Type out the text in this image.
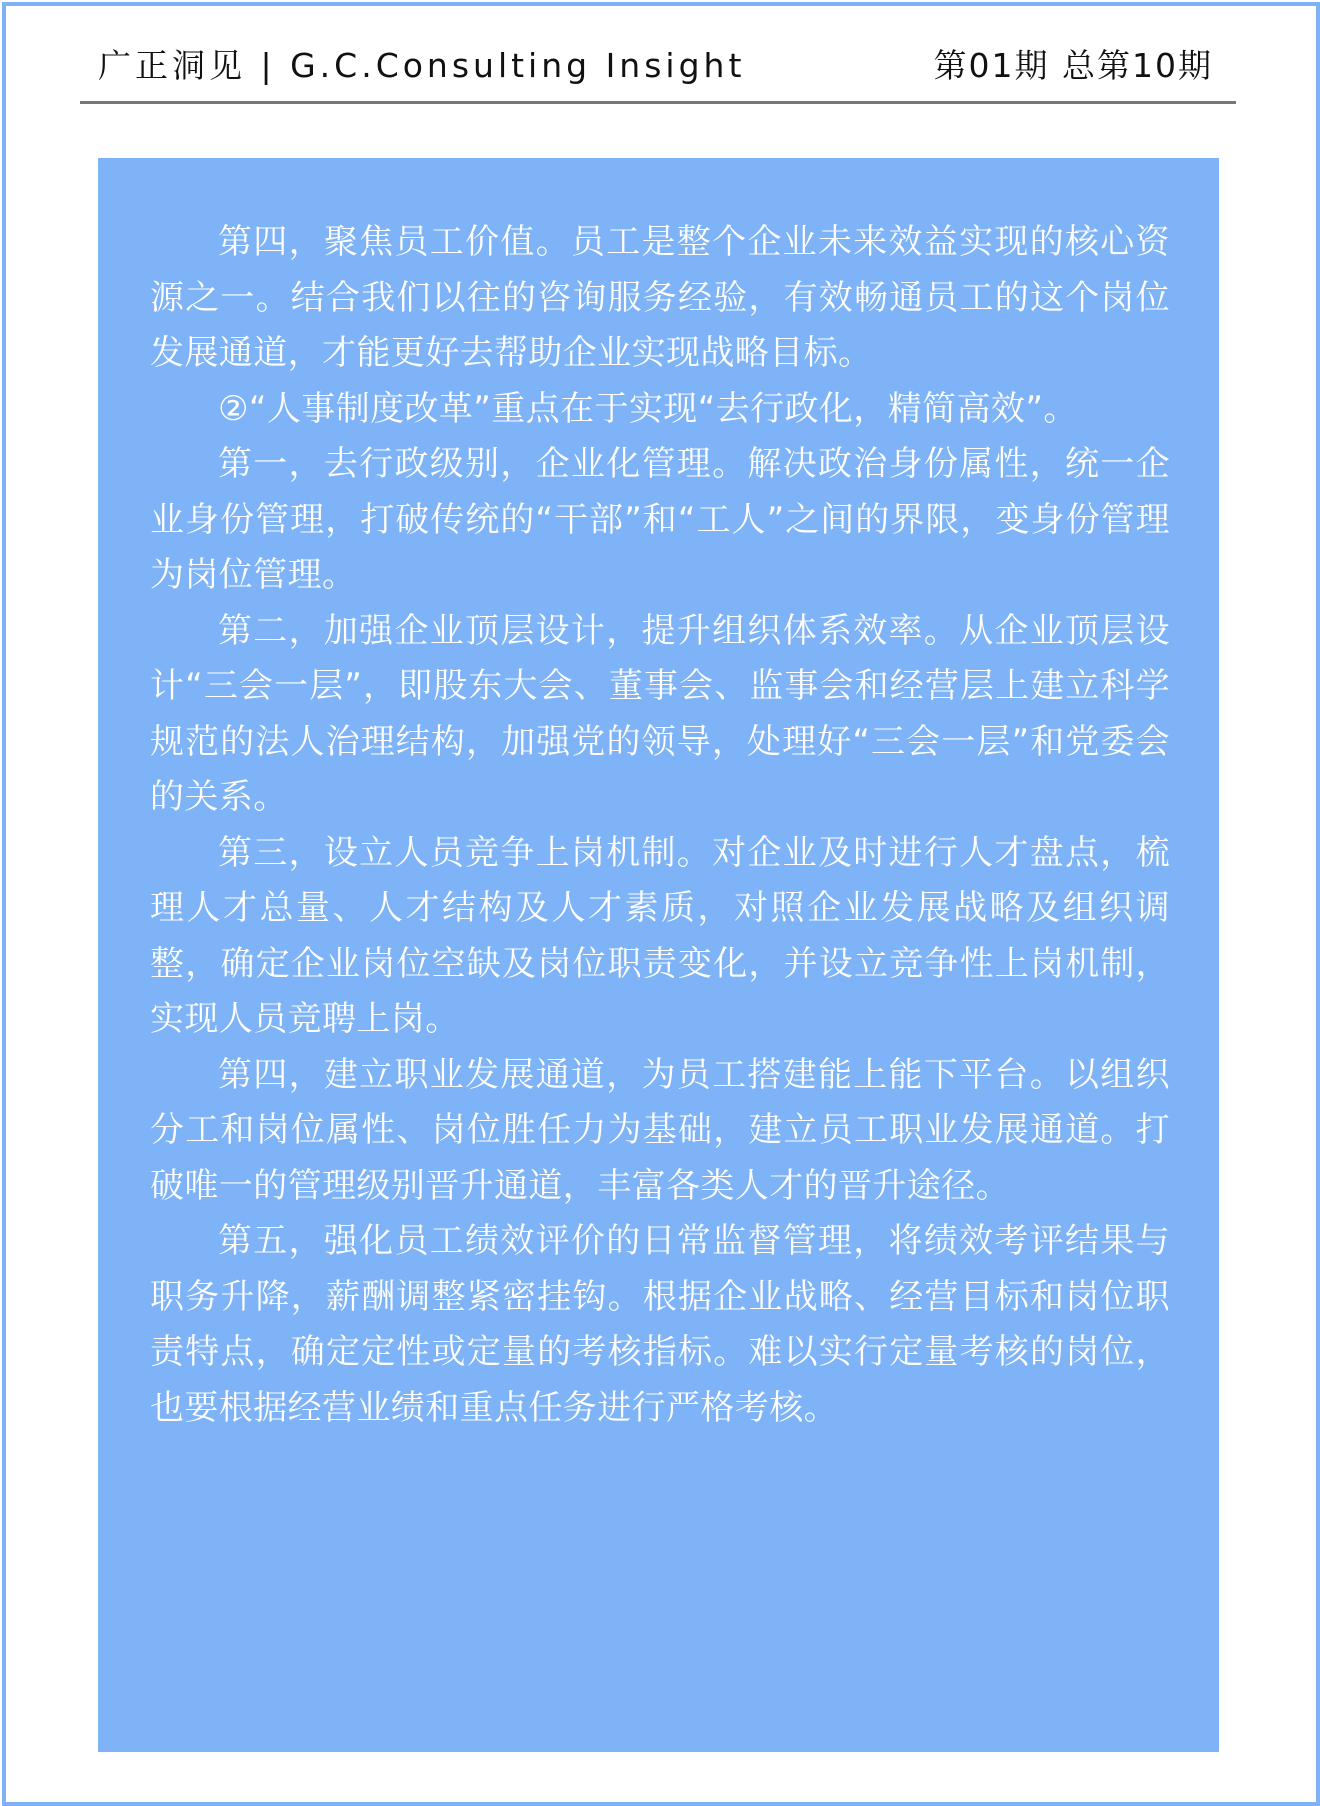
广正洞见 | G.C.Consulting Insight	第01期 总第10期

第四，聚焦员工价值。员工是整个企业未来效益实现的核心资源之一。结合我们以往的咨询服务经验，有效畅通员工的这个岗位发展通道，才能更好去帮助企业实现战略目标。

②“人事制度改革”重点在于实现“去行政化，精简高效”。

第一，去行政级别，企业化管理。解决政治身份属性，统一企业身份管理，打破传统的“干部”和“工人”之间的界限，变身份管理为岗位管理。

第二，加强企业顶层设计，提升组织体系效率。从企业顶层设计“三会一层”，即股东大会、董事会、监事会和经营层上建立科学规范的法人治理结构，加强党的领导，处理好“三会一层”和党委会的关系。

第三，设立人员竞争上岗机制。对企业及时进行人才盘点，梳理人才总量、人才结构及人才素质，对照企业发展战略及组织调整，确定企业岗位空缺及岗位职责变化，并设立竞争性上岗机制，实现人员竞聘上岗。

第四，建立职业发展通道，为员工搭建能上能下平台。以组织分工和岗位属性、岗位胜任力为基础，建立员工职业发展通道。打破唯一的管理级别晋升通道，丰富各类人才的晋升途径。

第五，强化员工绩效评价的日常监督管理，将绩效考评结果与职务升降，薪酬调整紧密挂钩。根据企业战略、经营目标和岗位职责特点，确定定性或定量的考核指标。难以实行定量考核的岗位，也要根据经营业绩和重点任务进行严格考核。
